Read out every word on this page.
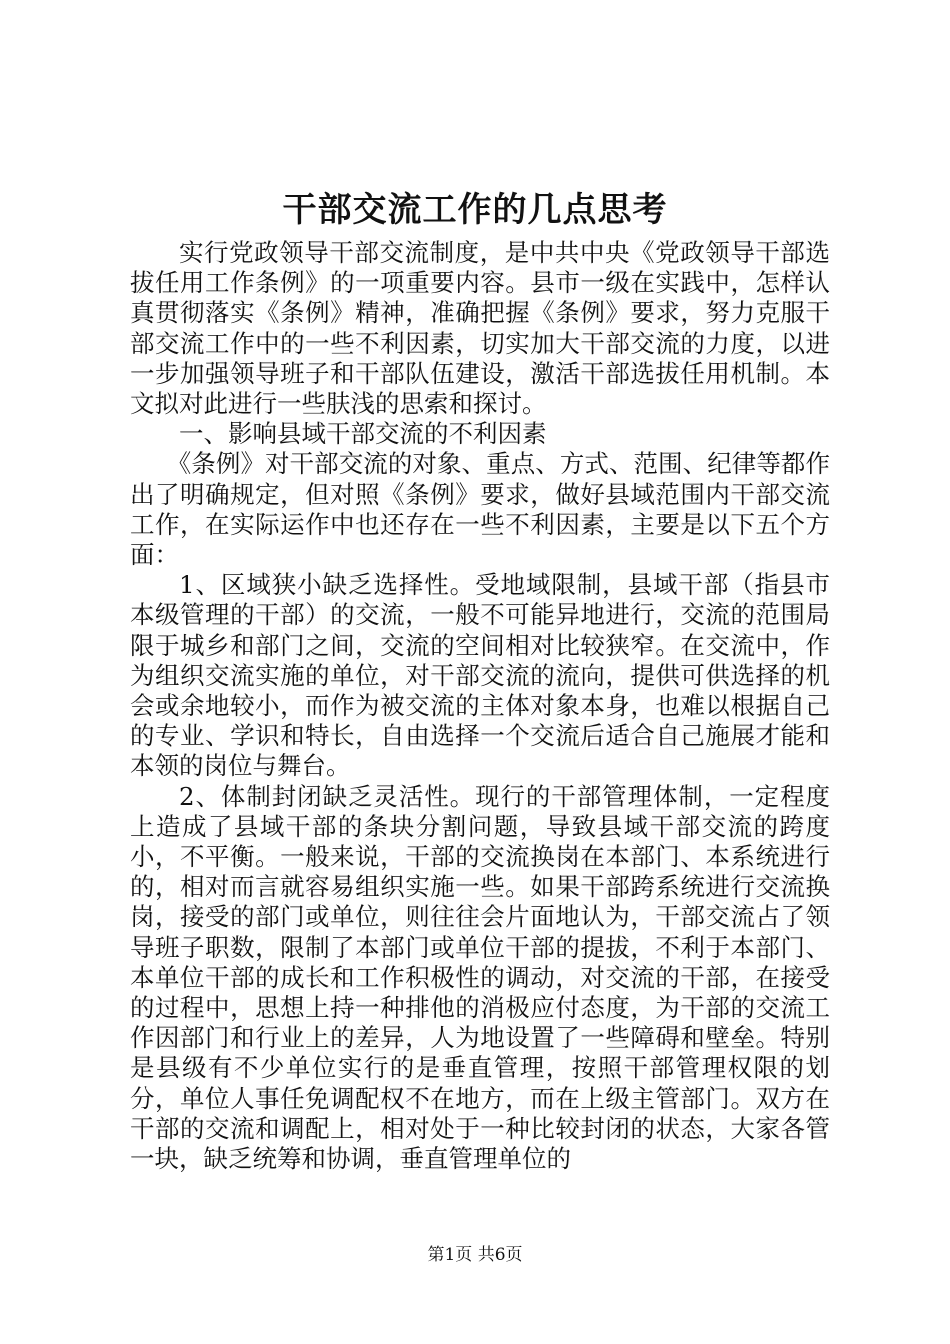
干部交流工作的几点思考

实行党政领导干部交流制度，是中共中央《党政领导干部选拔任用工作条例》的一项重要内容。县市一级在实践中，怎样认真贯彻落实《条例》精神，准确把握《条例》要求，努力克服干部交流工作中的一些不利因素，切实加大干部交流的力度，以进一步加强领导班子和干部队伍建设，激活干部选拔任用机制。本文拟对此进行一些肤浅的思索和探讨。

一、影响县域干部交流的不利因素

《条例》对干部交流的对象、重点、方式、范围、纪律等都作出了明确规定，但对照《条例》要求，做好县域范围内干部交流工作，在实际运作中也还存在一些不利因素，主要是以下五个方面：

1、区域狭小缺乏选择性。受地域限制，县域干部（指县市本级管理的干部）的交流，一般不可能异地进行，交流的范围局限于城乡和部门之间，交流的空间相对比较狭窄。在交流中，作为组织交流实施的单位，对干部交流的流向，提供可供选择的机会或余地较小，而作为被交流的主体对象本身，也难以根据自己的专业、学识和特长，自由选择一个交流后适合自己施展才能和本领的岗位与舞台。

2、体制封闭缺乏灵活性。现行的干部管理体制，一定程度上造成了县域干部的条块分割问题，导致县域干部交流的跨度小，不平衡。一般来说，干部的交流换岗在本部门、本系统进行的，相对而言就容易组织实施一些。如果干部跨系统进行交流换岗，接受的部门或单位，则往往会片面地认为，干部交流占了领导班子职数，限制了本部门或单位干部的提拔，不利于本部门、本单位干部的成长和工作积极性的调动，对交流的干部，在接受的过程中，思想上持一种排他的消极应付态度，为干部的交流工作因部门和行业上的差异，人为地设置了一些障碍和壁垒。特别是县级有不少单位实行的是垂直管理，按照干部管理权限的划分，单位人事任免调配权不在地方，而在上级主管部门。双方在干部的交流和调配上，相对处于一种比较封闭的状态，大家各管一块，缺乏统筹和协调，垂直管理单位的

第1页 共6页
